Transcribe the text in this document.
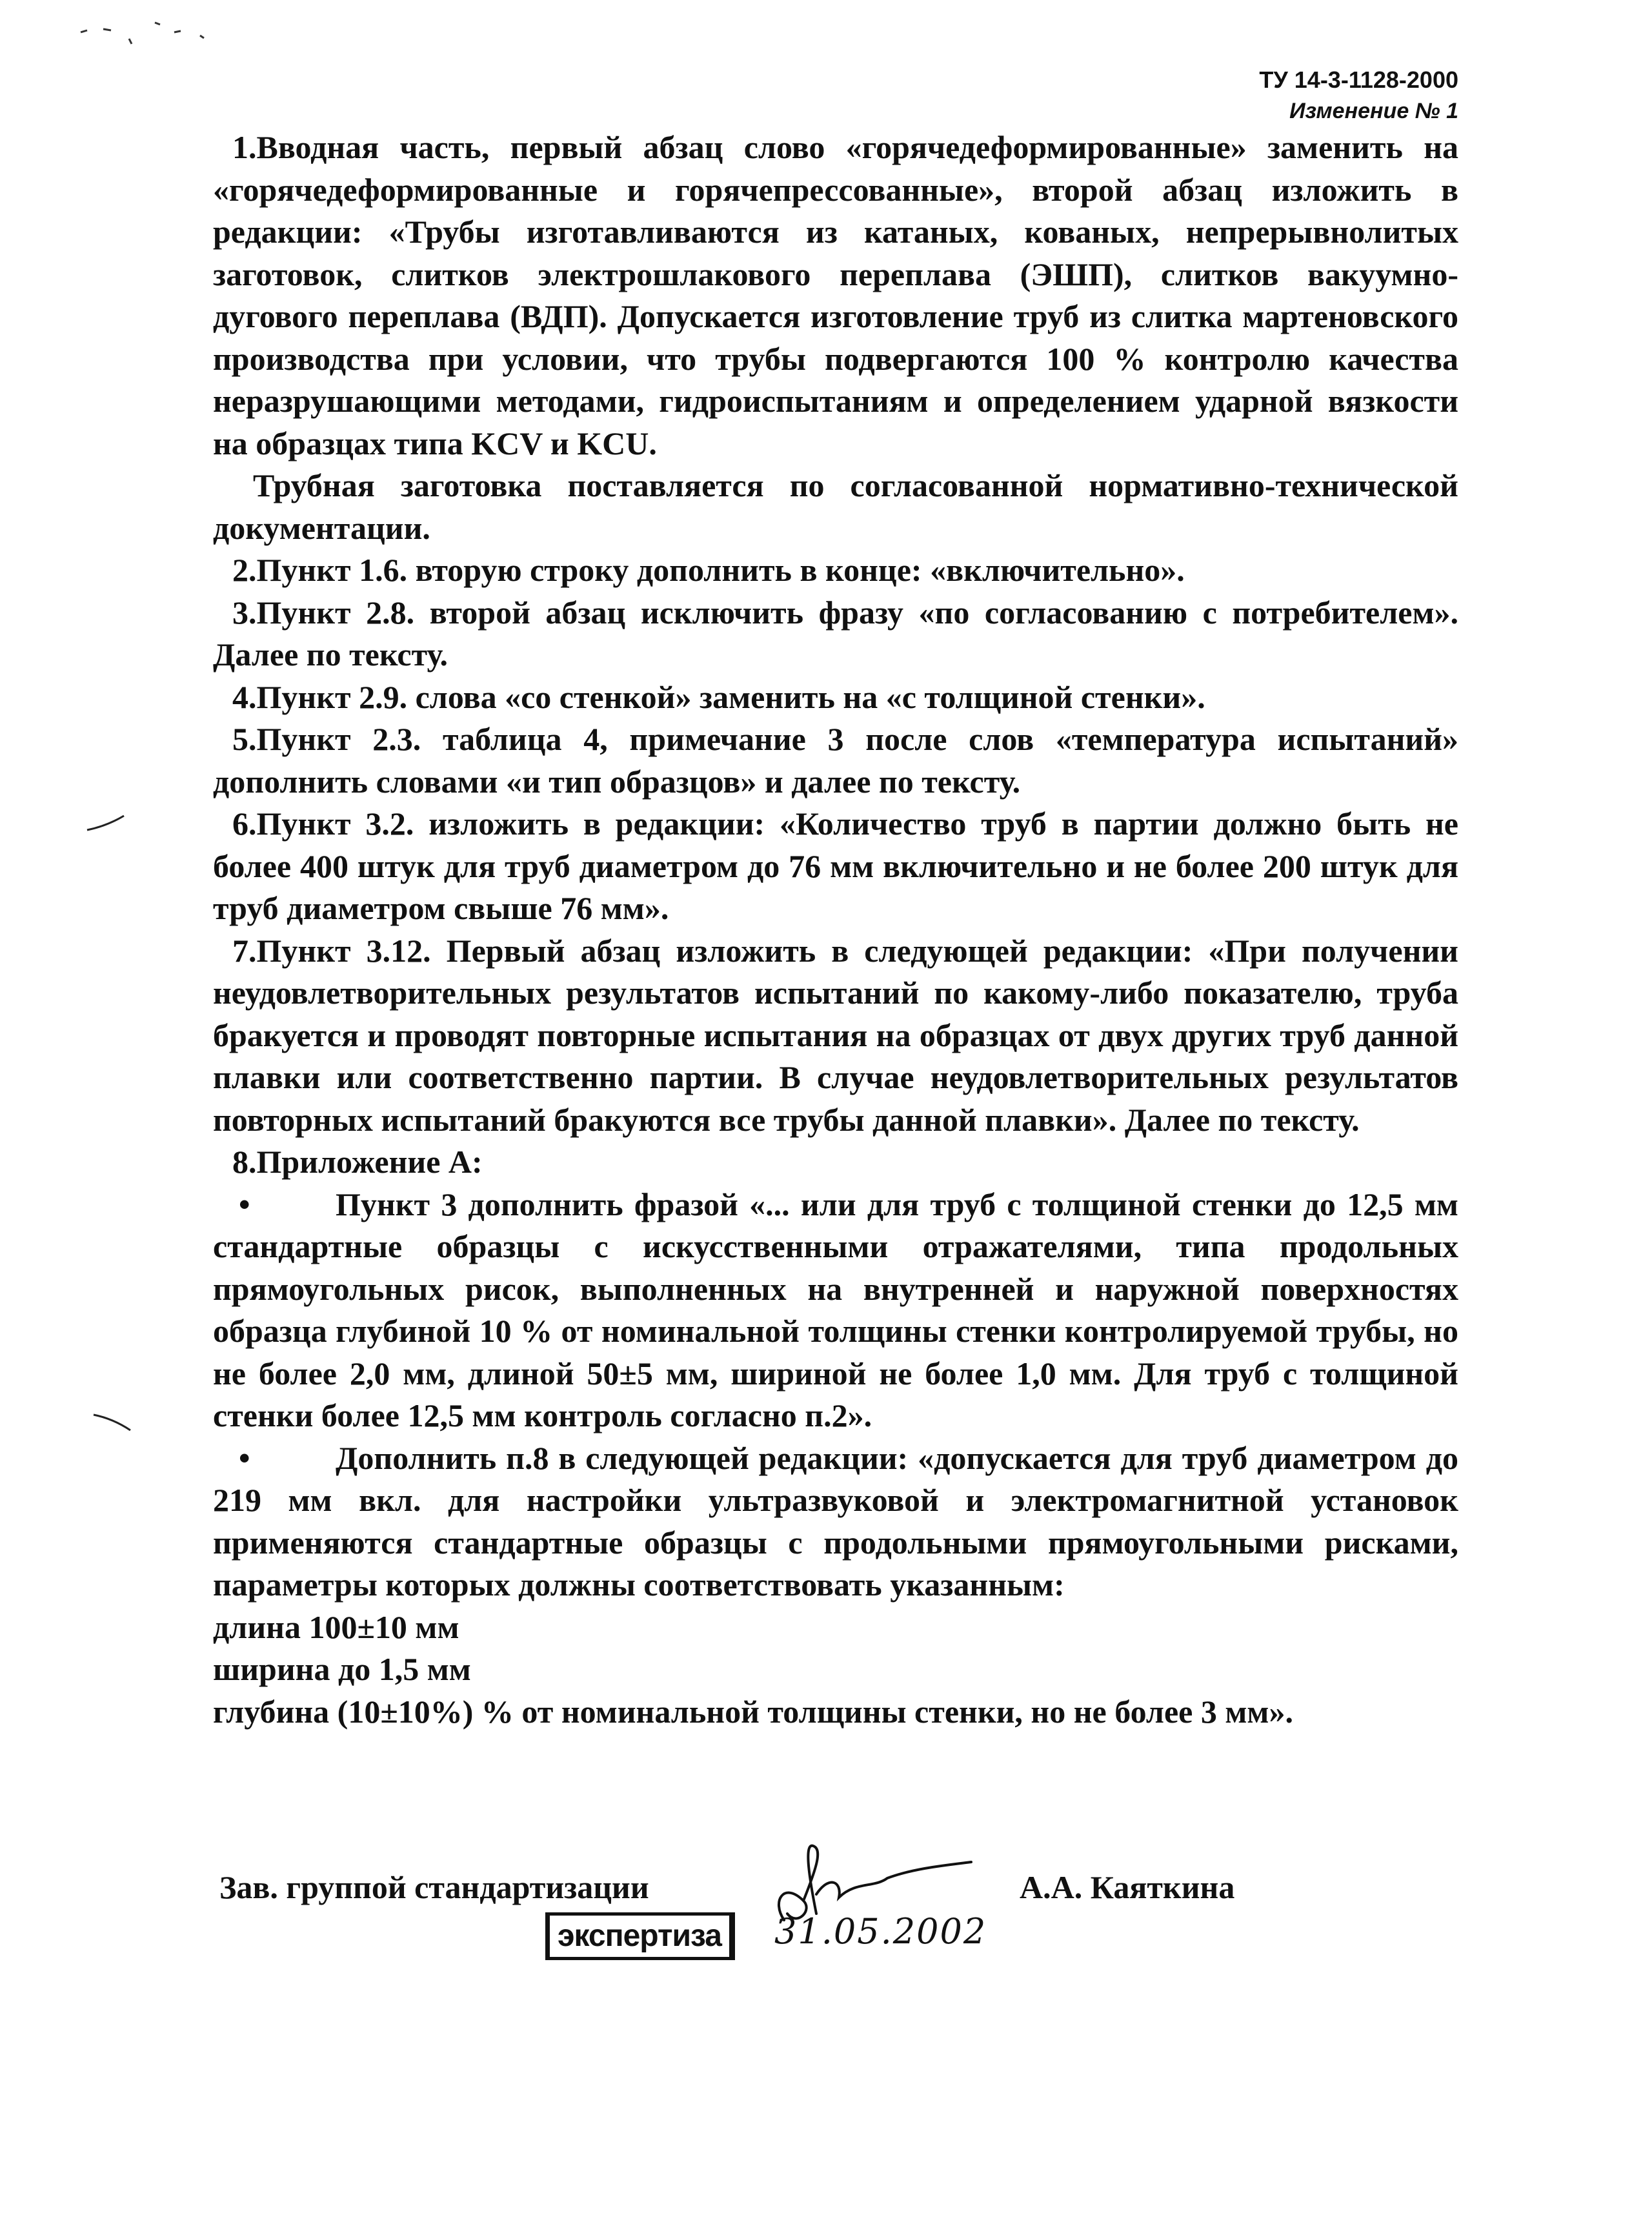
ТУ 14-3-1128-2000
Изменение № 1

1.Вводная часть, первый абзац слово «горячедеформированные» заменить на «горячедеформированные и горячепрессованные», второй абзац изложить в редакции: «Трубы изготавливаются из катаных, кованых, непрерывнолитых заготовок, слитков электрошлакового переплава (ЭШП), слитков вакуумно-дугового переплава (ВДП). Допускается изготовление труб из слитка мартеновского производства при условии, что трубы подвергаются 100 % контролю качества неразрушающими методами, гидроиспытаниям и определением ударной вязкости на образцах типа KCV и KCU.

Трубная заготовка поставляется по согласованной нормативно-технической документации.

2.Пункт 1.6. вторую строку дополнить в конце: «включительно».

3.Пункт 2.8. второй абзац исключить фразу «по согласованию с потребителем». Далее по тексту.

4.Пункт 2.9. слова «со стенкой» заменить на «с толщиной стенки».

5.Пункт 2.3. таблица 4, примечание 3 после слов «температура испытаний» дополнить словами «и тип образцов» и далее по тексту.

6.Пункт 3.2. изложить в редакции: «Количество труб в партии должно быть не более 400 штук для труб диаметром до 76 мм включительно и не более 200 штук для труб диаметром свыше 76 мм».

7.Пункт 3.12. Первый абзац изложить в следующей редакции: «При получении неудовлетворительных результатов испытаний по какому-либо показателю, труба бракуется и проводят повторные испытания на образцах от двух других труб данной плавки или соответственно партии. В случае неудовлетворительных результатов повторных испытаний бракуются все трубы данной плавки». Далее по тексту.

8.Приложение А:

•	Пункт 3 дополнить фразой «... или для труб с толщиной стенки до 12,5 мм стандартные образцы с искусственными отражателями, типа продольных прямоугольных рисок, выполненных на внутренней и наружной поверхностях образца глубиной 10 % от номинальной толщины стенки контролируемой трубы, но не более 2,0 мм, длиной 50±5 мм, шириной не более 1,0 мм. Для труб с толщиной стенки более 12,5 мм контроль согласно п.2».

•	Дополнить п.8 в следующей редакции: «допускается для труб диаметром до 219 мм вкл. для настройки ультразвуковой и электромагнитной установок применяются стандартные образцы с продольными прямоугольными рисками, параметры которых должны соответствовать указанным:

длина 100±10 мм

ширина до 1,5 мм

глубина (10±10%) % от номинальной толщины стенки, но не более 3 мм».

Зав. группой стандартизации	А.А. Каяткина
экспертиза	31.05.2002
